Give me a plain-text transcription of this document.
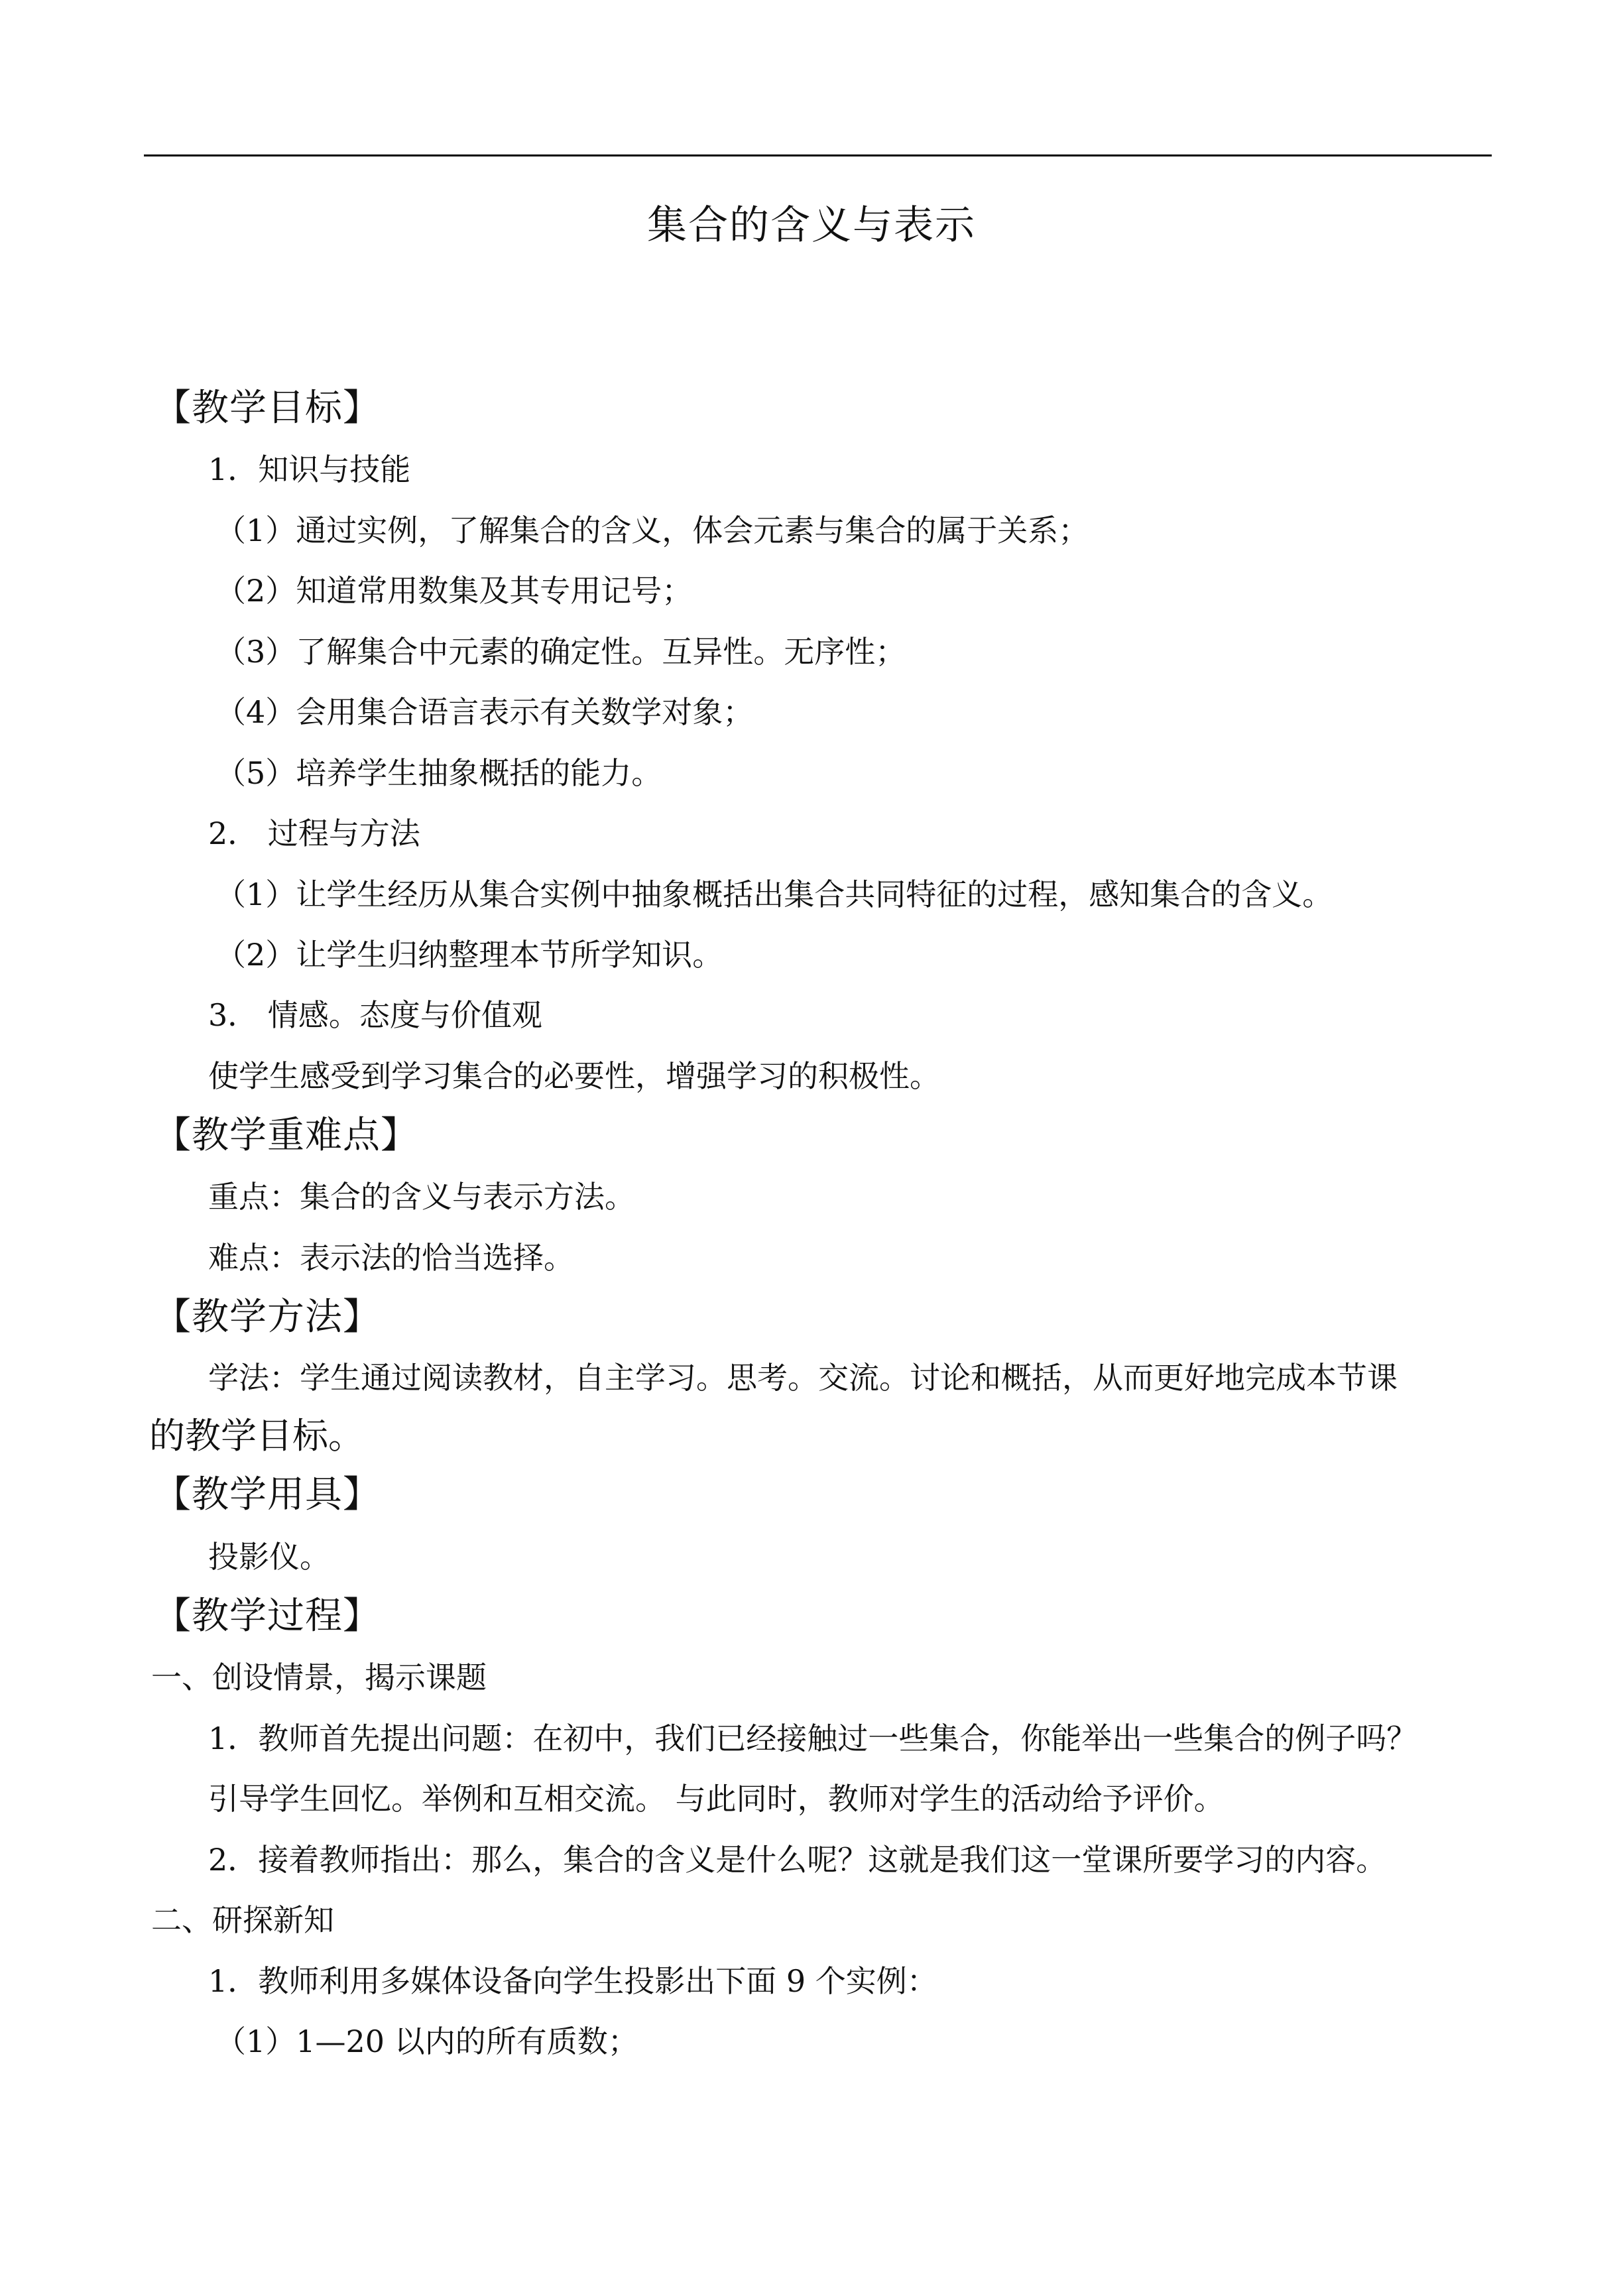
集合的含义与表示
【教学目标】
1．知识与技能
（1）通过实例，了解集合的含义，体会元素与集合的属于关系；
（2）知道常用数集及其专用记号；
（3）了解集合中元素的确定性。互异性。无序性；
（4）会用集合语言表示有关数学对象；
（5）培养学生抽象概括的能力。
2． 过程与方法
（1）让学生经历从集合实例中抽象概括出集合共同特征的过程，感知集合的含义。
（2）让学生归纳整理本节所学知识。
3． 情感。态度与价值观
使学生感受到学习集合的必要性，增强学习的积极性。
【教学重难点】
重点：集合的含义与表示方法。
难点：表示法的恰当选择。
【教学方法】
学法：学生通过阅读教材，自主学习。思考。交流。讨论和概括，从而更好地完成本节课
的教学目标。
【教学用具】
投影仪。
【教学过程】
一、创设情景，揭示课题
1．教师首先提出问题：在初中，我们已经接触过一些集合，你能举出一些集合的例子吗？
引导学生回忆。举例和互相交流。 与此同时，教师对学生的活动给予评价。
2．接着教师指出：那么，集合的含义是什么呢？这就是我们这一堂课所要学习的内容。
二、研探新知
1．教师利用多媒体设备向学生投影出下面 9 个实例：
（1）1—20 以内的所有质数；
